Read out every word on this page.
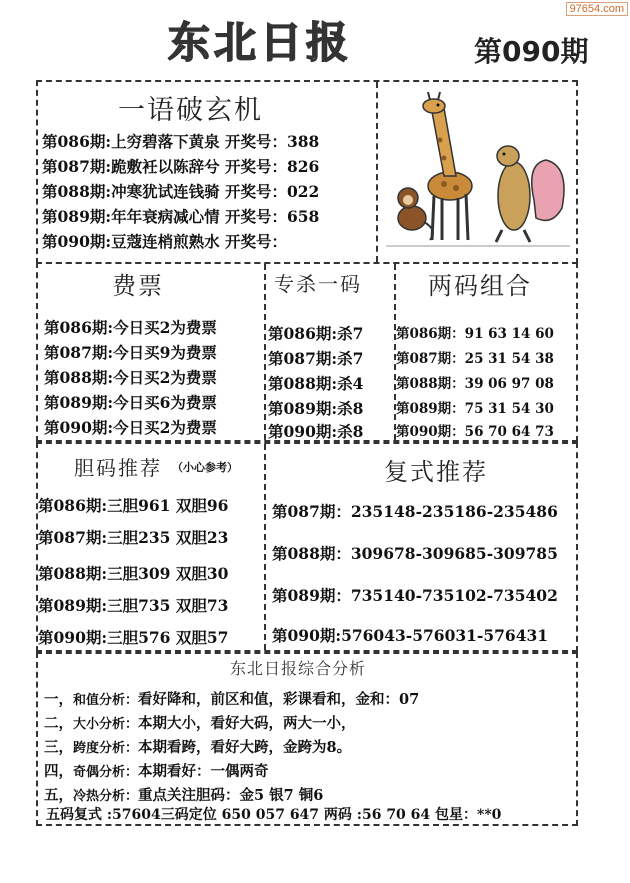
97654.com
东北日报	第090期
一语破玄机
第086期:上穷碧落下黄泉 开奖号：388
第087期:跪敷衽以陈辞兮 开奖号：826
第088期:冲寒犹试连钱骑 开奖号：022
第089期:年年衰病减心情 开奖号：658
第090期:豆蔻连梢煎熟水 开奖号：
费票
第086期:今日买2为费票
第087期:今日买9为费票
第088期:今日买2为费票
第089期:今日买6为费票
第090期:今日买2为费票
专杀一码
第086期:杀7
第087期:杀7
第088期:杀4
第089期:杀8
第090期:杀8
两码组合
第086期：91 63 14 60
第087期：25 31 54 38
第088期：39 06 97 08
第089期：75 31 54 30
第090期：56 70 64 73
胆码推荐 （小心参考）
第086期:三胆961 双胆96
第087期:三胆235 双胆23
第088期:三胆309 双胆30
第089期:三胆735 双胆73
第090期:三胆576 双胆57
复式推荐
第087期：235148-235186-235486
第088期：309678-309685-309785
第089期：735140-735102-735402
第090期:576043-576031-576431
东北日报综合分析
一，和值分析：看好降和，前区和值，彩课看和，金和：07
二，大小分析：本期大小，看好大码，两大一小，
三，跨度分析：本期看跨，看好大跨，金跨为8。
四，奇偶分析：本期看好：一偶两奇
五，冷热分析：重点关注胆码：金5 银7 铜6
五码复式 :57604三码定位 650 057 647 两码 :56 70 64 包星：**0
